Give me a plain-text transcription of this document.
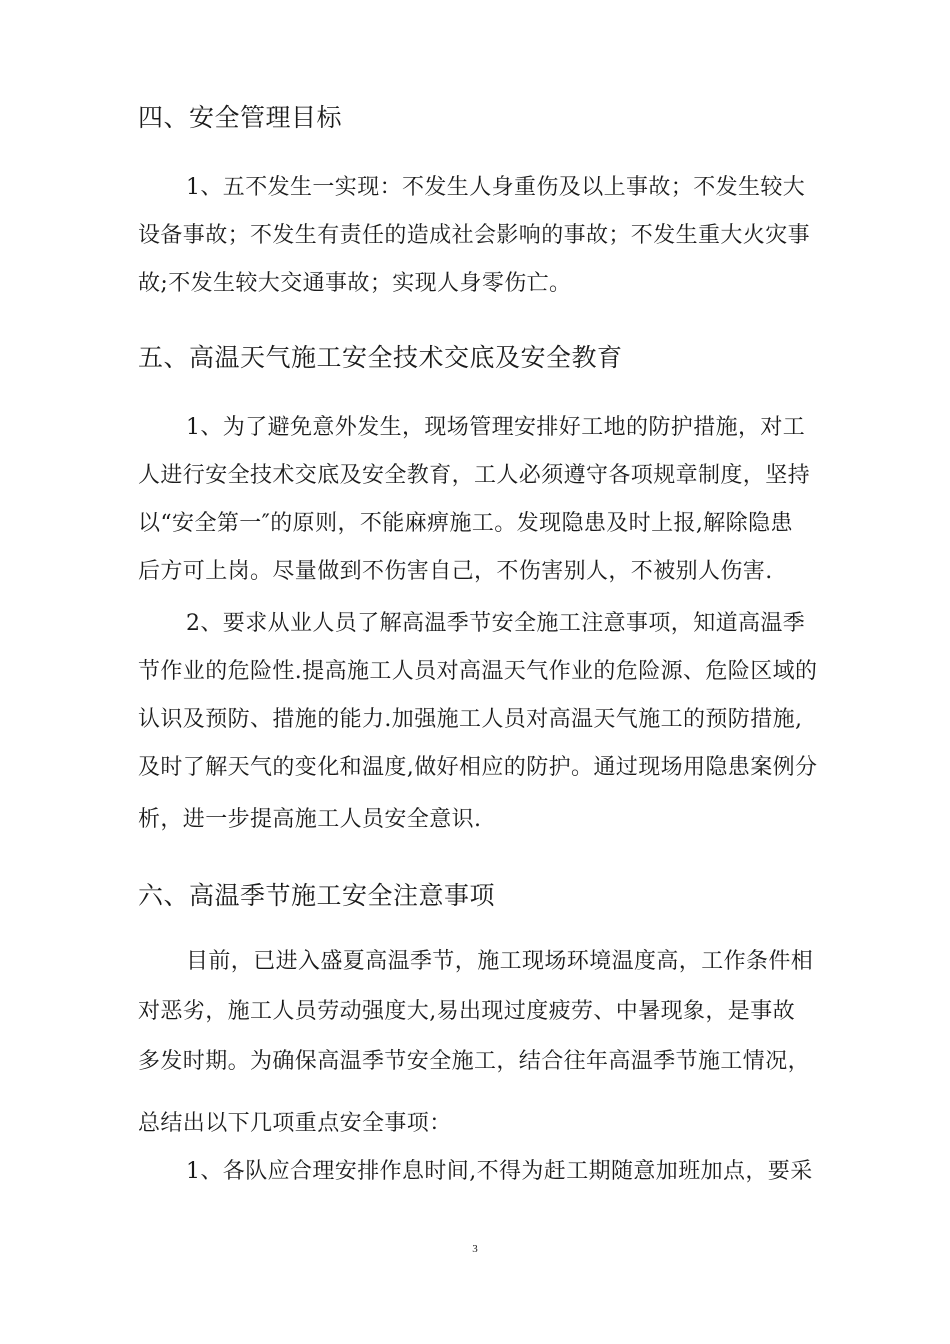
四、安全管理目标
1、五不发生一实现：不发生人身重伤及以上事故；不发生较大
设备事故；不发生有责任的造成社会影响的事故；不发生重大火灾事
故;不发生较大交通事故；实现人身零伤亡。
五、高温天气施工安全技术交底及安全教育
1、为了避免意外发生，现场管理安排好工地的防护措施，对工
人进行安全技术交底及安全教育，工人必须遵守各项规章制度，坚持
以“安全第一″的原则，不能麻痹施工。发现隐患及时上报,解除隐患
后方可上岗。尽量做到不伤害自己，不伤害别人，不被别人伤害.
2、要求从业人员了解高温季节安全施工注意事项，知道高温季
节作业的危险性.提高施工人员对高温天气作业的危险源、危险区域的
认识及预防、措施的能力.加强施工人员对高温天气施工的预防措施,
及时了解天气的变化和温度,做好相应的防护。通过现场用隐患案例分
析，进一步提高施工人员安全意识.
六、高温季节施工安全注意事项
目前，已进入盛夏高温季节，施工现场环境温度高，工作条件相
对恶劣，施工人员劳动强度大,易出现过度疲劳、中暑现象，是事故
多发时期。为确保高温季节安全施工，结合往年高温季节施工情况，
总结出以下几项重点安全事项：
1、各队应合理安排作息时间,不得为赶工期随意加班加点，要采
3
